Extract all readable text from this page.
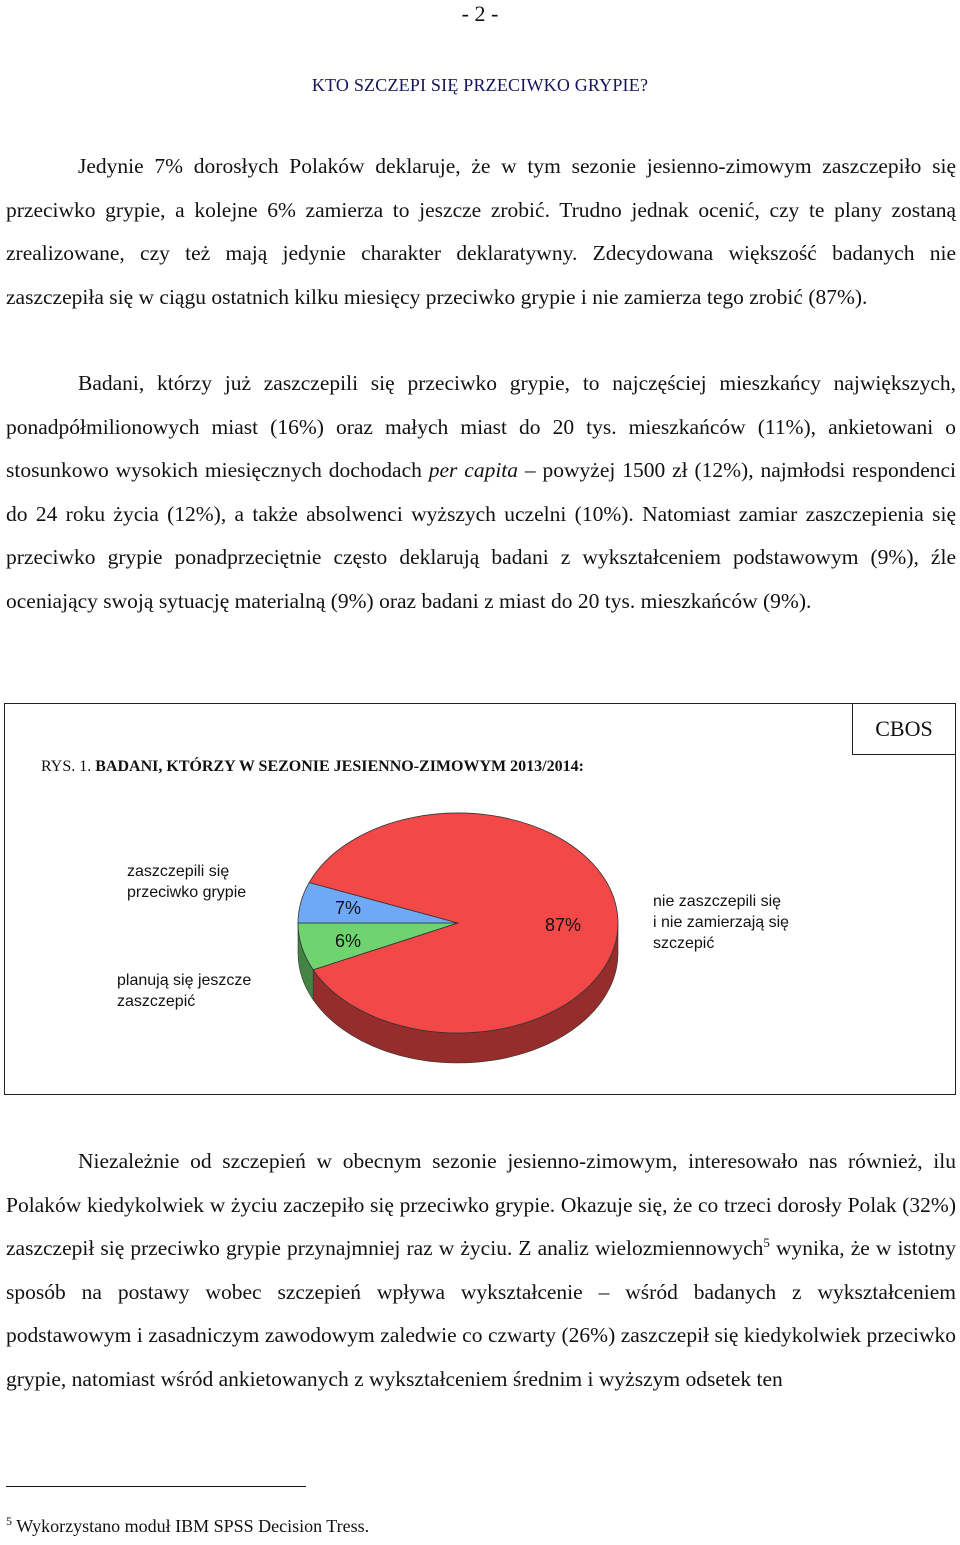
- 2 -
KTO SZCZEPI SIĘ PRZECIWKO GRYPIE?

Jedynie 7% dorosłych Polaków deklaruje, że w tym sezonie jesienno-zimowym zaszczepiło się przeciwko grypie, a kolejne 6% zamierza to jeszcze zrobić. Trudno jednak ocenić, czy te plany zostaną zrealizowane, czy też mają jedynie charakter deklaratywny. Zdecydowana większość badanych nie zaszczepiła się w ciągu ostatnich kilku miesięcy przeciwko grypie i nie zamierza tego zrobić (87%).

Badani, którzy już zaszczepili się przeciwko grypie, to najczęściej mieszkańcy największych, ponadpółmilionowych miast (16%) oraz małych miast do 20 tys. mieszkańców (11%), ankietowani o stosunkowo wysokich miesięcznych dochodach per capita – powyżej 1500 zł (12%), najmłodsi respondenci do 24 roku życia (12%), a także absolwenci wyższych uczelni (10%). Natomiast zamiar zaszczepienia się przeciwko grypie ponadprzeciętnie często deklarują badani z wykształceniem podstawowym (9%), źle oceniający swoją sytuację materialną (9%) oraz badani z miast do 20 tys. mieszkańców (9%).

CBOS
RYS. 1. BADANI, KTÓRZY W SEZONIE JESIENNO-ZIMOWYM 2013/2014:
7%
6%
87%
zaszczepili się przeciwko grypie
planują się jeszcze zaszczepić
nie zaszczepili się i nie zamierzają się szczepić

Niezależnie od szczepień w obecnym sezonie jesienno-zimowym, interesowało nas również, ilu Polaków kiedykolwiek w życiu zaczepiło się przeciwko grypie. Okazuje się, że co trzeci dorosły Polak (32%) zaszczepił się przeciwko grypie przynajmniej raz w życiu. Z analiz wielozmiennowych$^5$ wynika, że w istotny sposób na postawy wobec szczepień wpływa wykształcenie – wśród badanych z wykształceniem podstawowym i zasadniczym zawodowym zaledwie co czwarty (26%) zaszczepił się kiedykolwiek przeciwko grypie, natomiast wśród ankietowanych z wykształceniem średnim i wyższym odsetek ten

$^5$ Wykorzystano moduł IBM SPSS Decision Tress.
